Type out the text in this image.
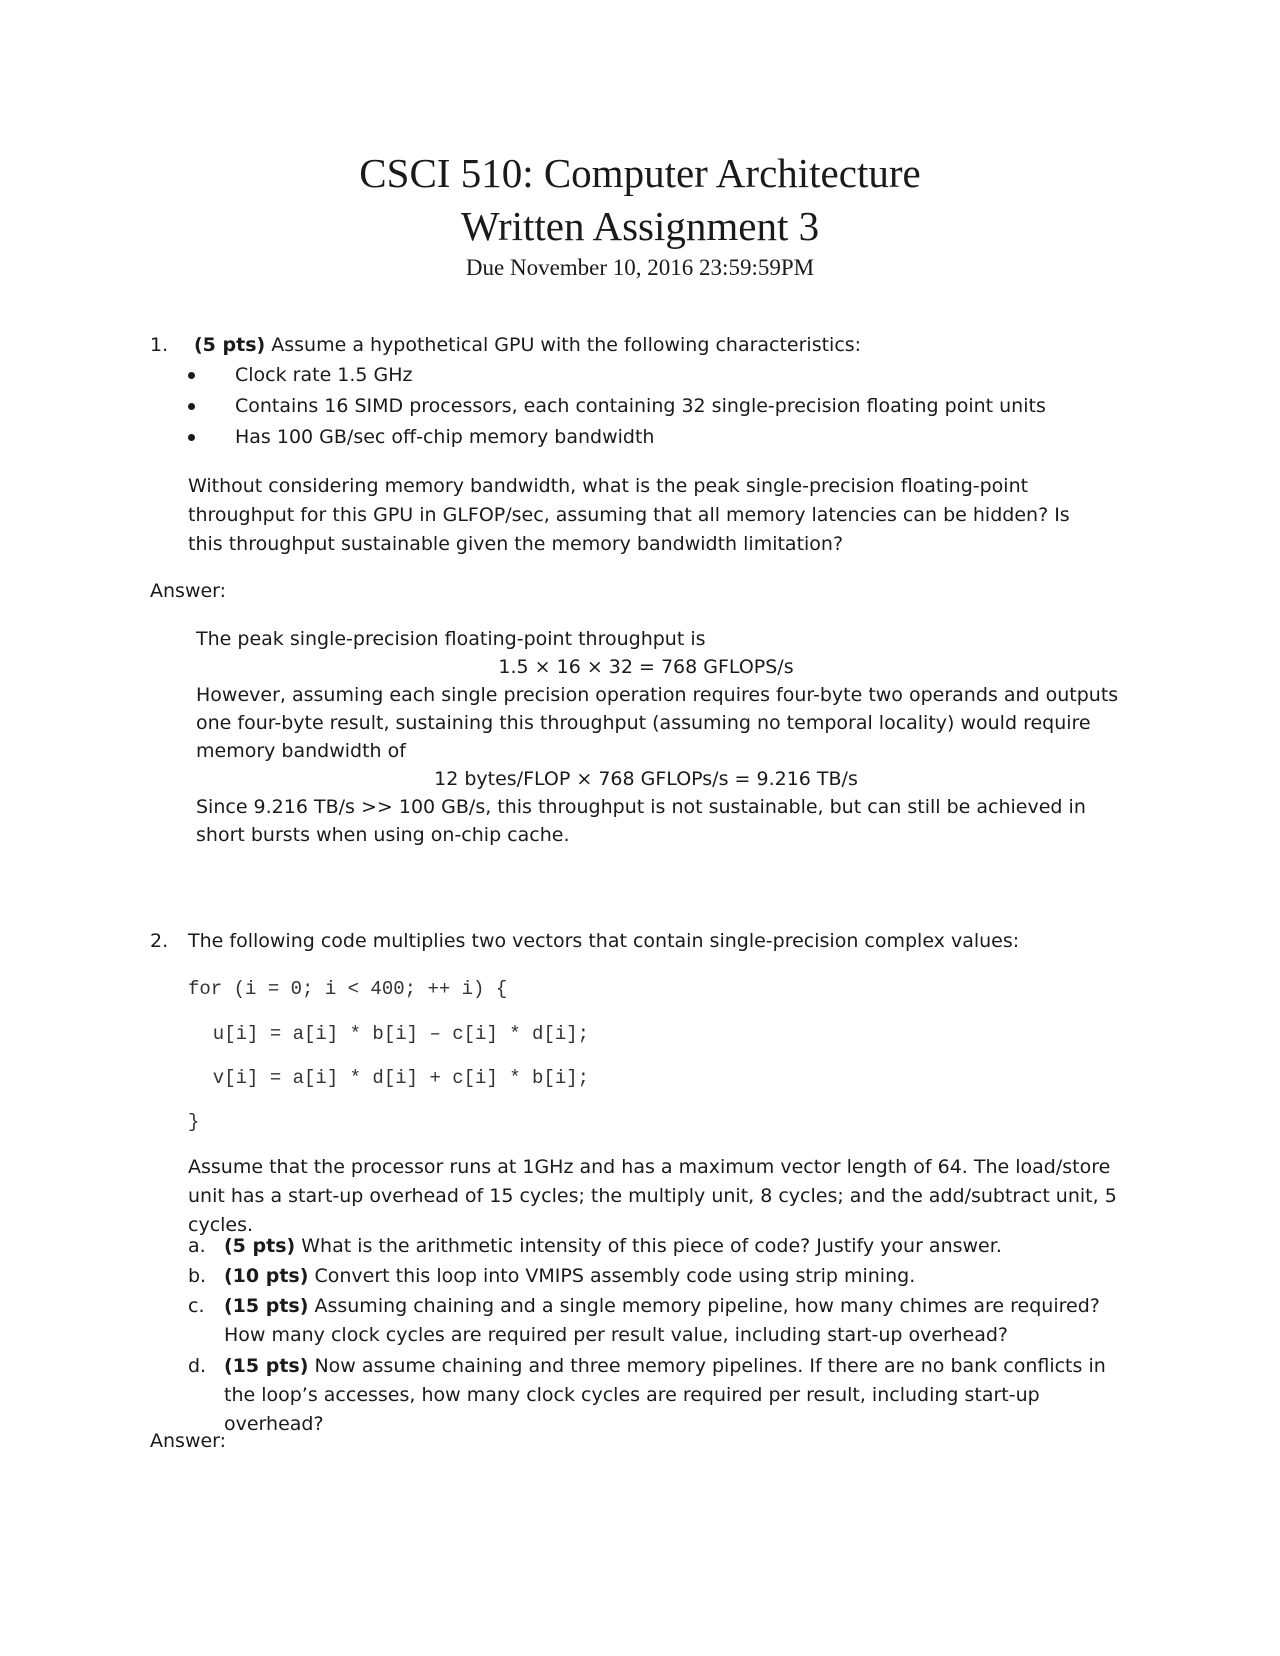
CSCI 510: Computer Architecture
Written Assignment 3
Due November 10, 2016 23:59:59PM
1. (5 pts) Assume a hypothetical GPU with the following characteristics:
Clock rate 1.5 GHz
Contains 16 SIMD processors, each containing 32 single-precision floating point units
Has 100 GB/sec off-chip memory bandwidth
Without considering memory bandwidth, what is the peak single-precision floating-point throughput for this GPU in GLFOP/sec, assuming that all memory latencies can be hidden? Is this throughput sustainable given the memory bandwidth limitation?
Answer:
The peak single-precision floating-point throughput is
1.5 × 16 × 32 = 768 GFLOPS/s
However, assuming each single precision operation requires four-byte two operands and outputs one four-byte result, sustaining this throughput (assuming no temporal locality) would require memory bandwidth of
12 bytes/FLOP × 768 GFLOPs/s = 9.216 TB/s
Since 9.216 TB/s >> 100 GB/s, this throughput is not sustainable, but can still be achieved in short bursts when using on-chip cache.
2. The following code multiplies two vectors that contain single-precision complex values:
for (i = 0; i < 400; ++ i) {
u[i] = a[i] * b[i] – c[i] * d[i];
v[i] = a[i] * d[i] + c[i] * b[i];
}
Assume that the processor runs at 1GHz and has a maximum vector length of 64. The load/store unit has a start-up overhead of 15 cycles; the multiply unit, 8 cycles; and the add/subtract unit, 5 cycles.
a. (5 pts) What is the arithmetic intensity of this piece of code? Justify your answer.
b. (10 pts) Convert this loop into VMIPS assembly code using strip mining.
c. (15 pts) Assuming chaining and a single memory pipeline, how many chimes are required? How many clock cycles are required per result value, including start-up overhead?
d. (15 pts) Now assume chaining and three memory pipelines. If there are no bank conflicts in the loop’s accesses, how many clock cycles are required per result, including start-up overhead?
Answer:
